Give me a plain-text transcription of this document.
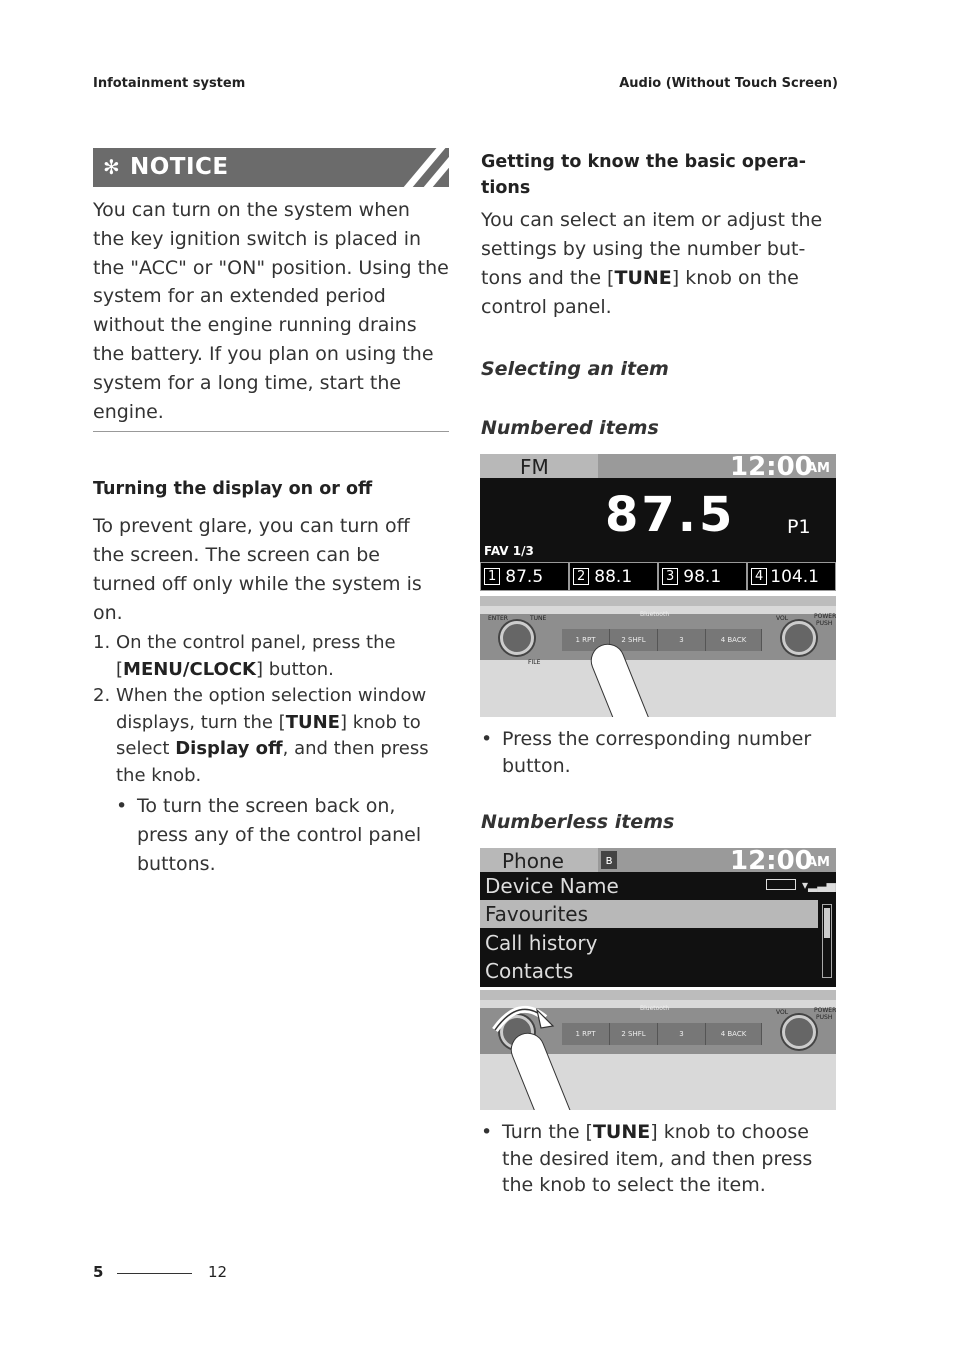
Infotainment system	Audio (Without Touch Screen)
✻ NOTICE
You can turn on the system when
the key ignition switch is placed in
the "ACC" or "ON" position. Using the
system for an extended period
without the engine running drains
the battery. If you plan on using the
system for a long time, start the
engine.
Turning the display on or off
To prevent glare, you can turn off
the screen. The screen can be
turned off only while the system is
on.
1. On the control panel, press the
[MENU/CLOCK] button.
2. When the option selection window displays, turn the [TUNE] knob to select Display off, and then press the knob.
• To turn the screen back on,
press any of the control panel
buttons.
Getting to know the basic opera-
tions
You can select an item or adjust the
settings by using the number but-
tons and the [TUNE] knob on the
control panel.
Selecting an item
Numbered items
FM	12:00
AM
87.5	P1
FAV 1/3
1 87.5	2 88.1	3 98.1	4 104.1
ENTER	TUNE
FILE
Bluetooth
VOL	POWER
PUSH
1 RPT	2 SHFL	3	4 BACK
• Press the corresponding number
button.
Numberless items
Phone	ʙ	12:00
AM
Device Name	▾▂▃▅
Favourites
Call history
Contacts
Bluetooth
VOL	POWER
PUSH
1 RPT	2 SHFL	3	4 BACK
• Turn the [TUNE] knob to choose
the desired item, and then press
the knob to select the item.
5	12
